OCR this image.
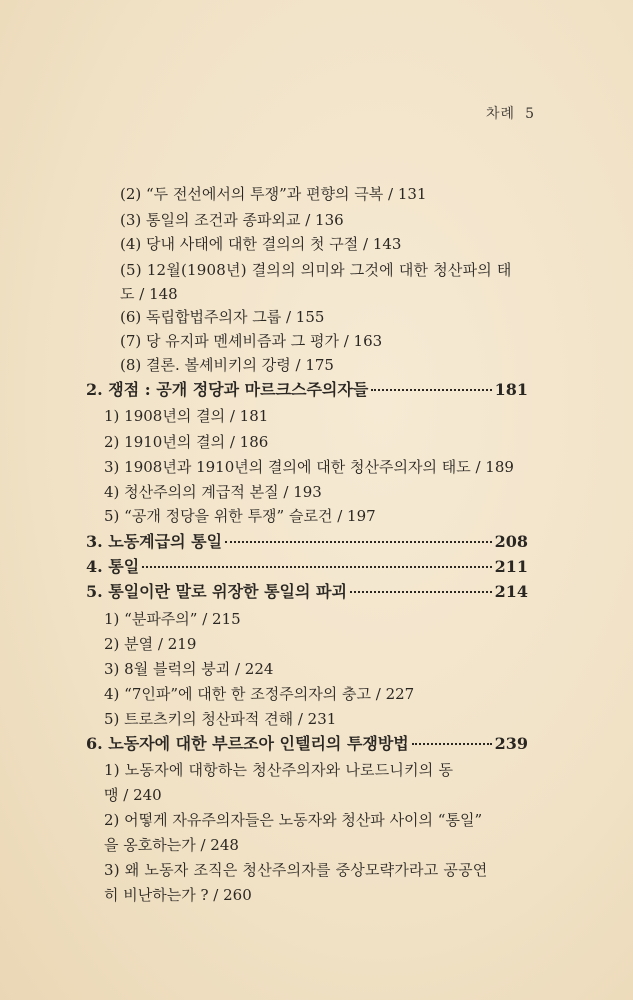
차례 5
(2) “두 전선에서의 투쟁”과 편향의 극복 / 131
(3) 통일의 조건과 종파외교 / 136
(4) 당내 사태에 대한 결의의 첫 구절 / 143
(5) 12월(1908년) 결의의 의미와 그것에 대한 청산파의 태
도 / 148
(6) 독립합법주의자 그룹 / 155
(7) 당 유지파 멘셰비즘과 그 평가 / 163
(8) 결론. 볼셰비키의 강령 / 175
2. 쟁점 : 공개 정당과 마르크스주의자들	181
1) 1908년의 결의 / 181
2) 1910년의 결의 / 186
3) 1908년과 1910년의 결의에 대한 청산주의자의 태도 / 189
4) 청산주의의 계급적 본질 / 193
5) “공개 정당을 위한 투쟁” 슬로건 / 197
3. 노동계급의 통일	208
4. 통일	211
5. 통일이란 말로 위장한 통일의 파괴	214
1) “분파주의” / 215
2) 분열 / 219
3) 8월 블럭의 붕괴 / 224
4) “7인파”에 대한 한 조정주의자의 충고 / 227
5) 트로츠키의 청산파적 견해 / 231
6. 노동자에 대한 부르조아 인텔리의 투쟁방법	239
1) 노동자에 대항하는 청산주의자와 나로드니키의 동
맹 / 240
2) 어떻게 자유주의자들은 노동자와 청산파 사이의 “통일”
을 옹호하는가 / 248
3) 왜 노동자 조직은 청산주의자를 중상모략가라고 공공연
히 비난하는가 ? / 260
